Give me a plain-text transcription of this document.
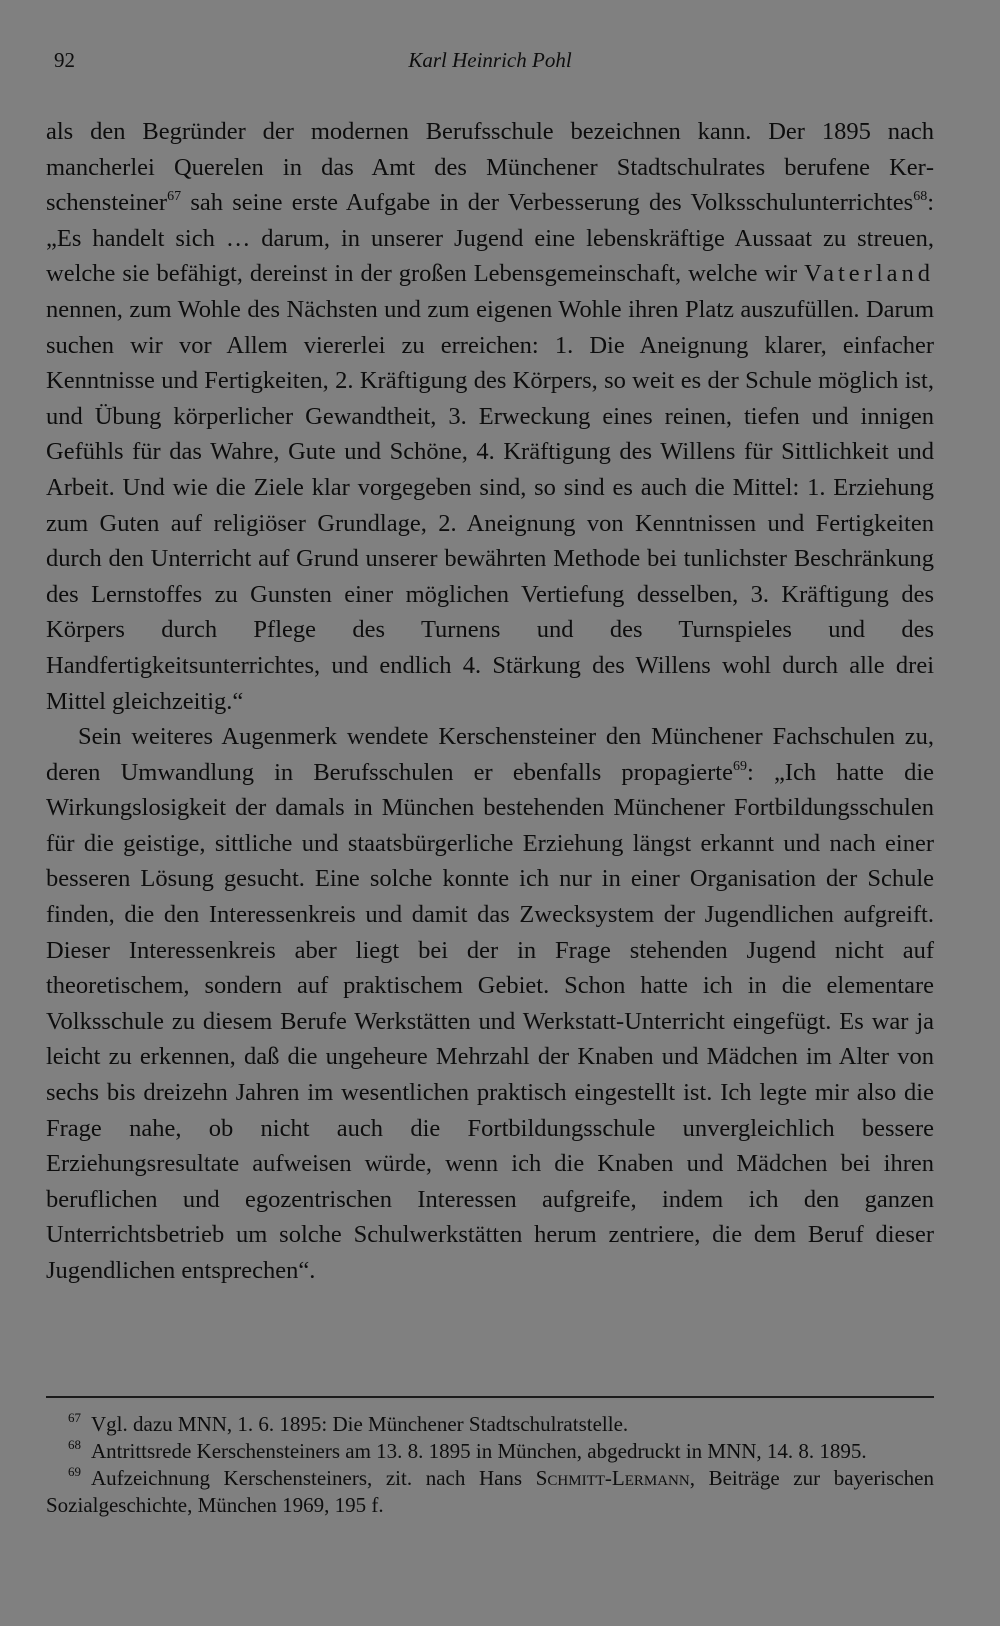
92	Karl Heinrich Pohl

als den Begründer der modernen Berufsschule bezeichnen kann. Der 1895 nach mancherlei Querelen in das Amt des Münchener Stadtschulrates berufene Kerschensteiner$^{67}$ sah seine erste Aufgabe in der Verbesserung des Volksschulunterrichtes$^{68}$: „Es handelt sich … darum, in unserer Jugend eine lebenskräftige Aussaat zu streuen, welche sie befähigt, dereinst in der großen Lebensgemeinschaft, welche wir Vaterland nennen, zum Wohle des Nächsten und zum eigenen Wohle ihren Platz auszufüllen. Darum suchen wir vor Allem viererlei zu erreichen: 1. Die Aneignung klarer, einfacher Kenntnisse und Fertigkeiten, 2. Kräftigung des Körpers, so weit es der Schule möglich ist, und Übung körperlicher Gewandtheit, 3. Erweckung eines reinen, tiefen und innigen Gefühls für das Wahre, Gute und Schöne, 4. Kräftigung des Willens für Sittlichkeit und Arbeit. Und wie die Ziele klar vorgegeben sind, so sind es auch die Mittel: 1. Erziehung zum Guten auf religiöser Grundlage, 2. Aneignung von Kenntnissen und Fertigkeiten durch den Unterricht auf Grund unserer bewährten Methode bei tunlichster Beschränkung des Lernstoffes zu Gunsten einer möglichen Vertiefung desselben, 3. Kräftigung des Körpers durch Pflege des Turnens und des Turnspieles und des Handfertigkeitsunterrichtes, und endlich 4. Stärkung des Willens wohl durch alle drei Mittel gleichzeitig.“

Sein weiteres Augenmerk wendete Kerschensteiner den Münchener Fachschulen zu, deren Umwandlung in Berufsschulen er ebenfalls propagierte$^{69}$: „Ich hatte die Wirkungslosigkeit der damals in München bestehenden Münchener Fortbildungsschulen für die geistige, sittliche und staatsbürgerliche Erziehung längst erkannt und nach einer besseren Lösung gesucht. Eine solche konnte ich nur in einer Organisation der Schule finden, die den Interessenkreis und damit das Zwecksystem der Jugendlichen aufgreift. Dieser Interessenkreis aber liegt bei der in Frage stehenden Jugend nicht auf theoretischem, sondern auf praktischem Gebiet. Schon hatte ich in die elementare Volksschule zu diesem Berufe Werkstätten und Werkstatt-Unterricht eingefügt. Es war ja leicht zu erkennen, daß die ungeheure Mehrzahl der Knaben und Mädchen im Alter von sechs bis dreizehn Jahren im wesentlichen praktisch eingestellt ist. Ich legte mir also die Frage nahe, ob nicht auch die Fortbildungsschule unvergleichlich bessere Erziehungsresultate aufweisen würde, wenn ich die Knaben und Mädchen bei ihren beruflichen und egozentrischen Interessen aufgreife, indem ich den ganzen Unterrichtsbetrieb um solche Schulwerkstätten herum zentriere, die dem Beruf dieser Jugendlichen entsprechen“.

$^{67}$ Vgl. dazu MNN, 1. 6. 1895: Die Münchener Stadtschulratstelle.

$^{68}$ Antrittsrede Kerschensteiners am 13. 8. 1895 in München, abgedruckt in MNN, 14. 8. 1895.

$^{69}$ Aufzeichnung Kerschensteiners, zit. nach Hans Schmitt-Lermann, Beiträge zur bayerischen Sozialgeschichte, München 1969, 195 f.
